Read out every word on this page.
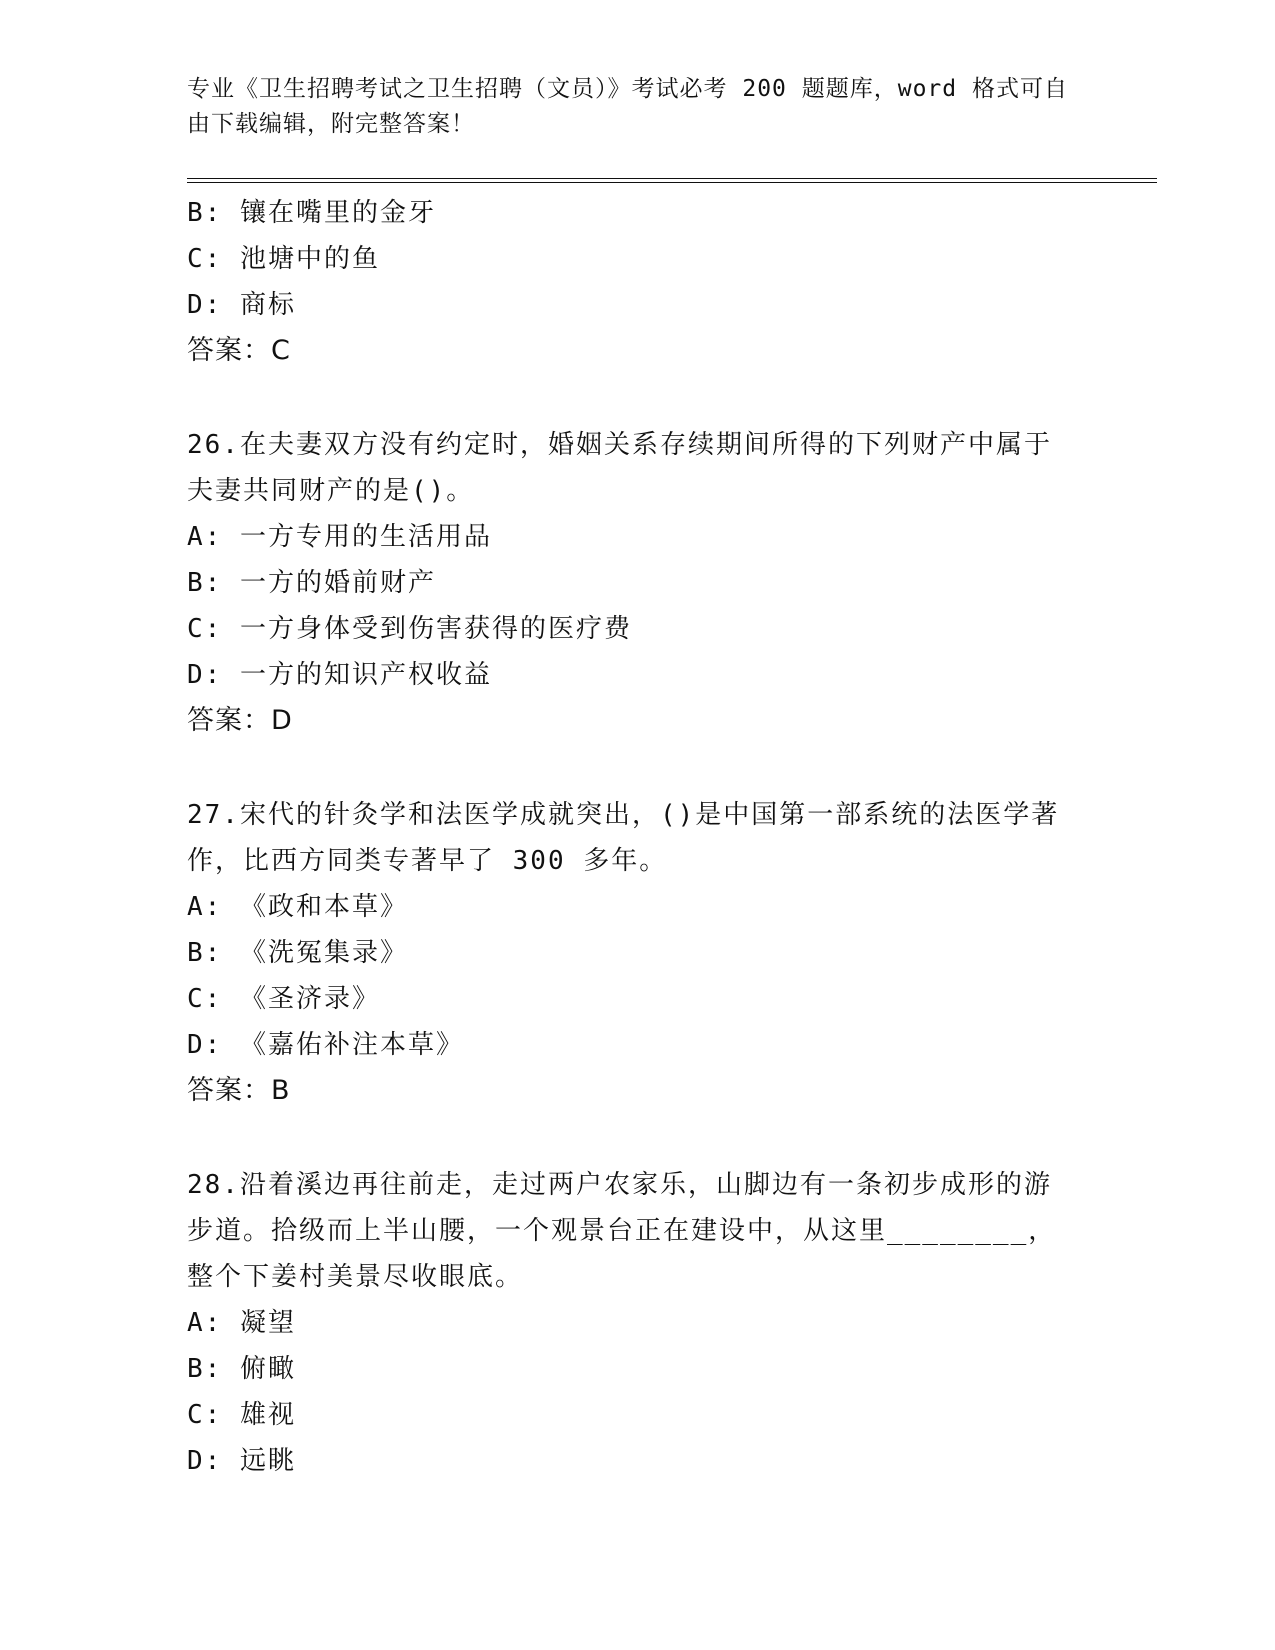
专业《卫生招聘考试之卫生招聘（文员）》考试必考 200 题题库，word 格式可自
由下载编辑，附完整答案！
B: 镶在嘴里的金牙
C: 池塘中的鱼
D: 商标
答案：C
26.在夫妻双方没有约定时，婚姻关系存续期间所得的下列财产中属于
夫妻共同财产的是()。
A: 一方专用的生活用品
B: 一方的婚前财产
C: 一方身体受到伤害获得的医疗费
D: 一方的知识产权收益
答案：D
27.宋代的针灸学和法医学成就突出，()是中国第一部系统的法医学著
作，比西方同类专著早了 300 多年。
A: 《政和本草》
B: 《洗冤集录》
C: 《圣济录》
D: 《嘉佑补注本草》
答案：B
28.沿着溪边再往前走，走过两户农家乐，山脚边有一条初步成形的游
步道。拾级而上半山腰，一个观景台正在建设中，从这里________，
整个下姜村美景尽收眼底。
A: 凝望
B: 俯瞰
C: 雄视
D: 远眺
